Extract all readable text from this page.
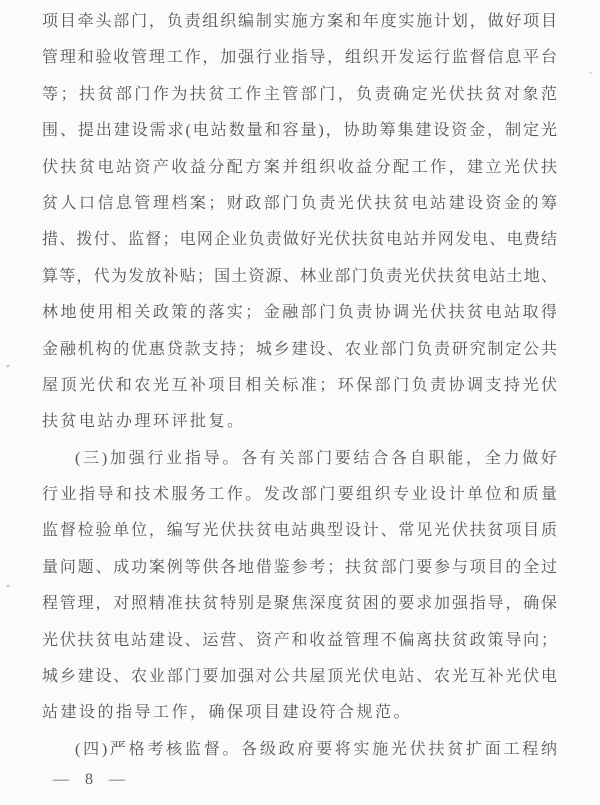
项目牵头部门，负责组织编制实施方案和年度实施计划，做好项目
管理和验收管理工作，加强行业指导，组织开发运行监督信息平台
等；扶贫部门作为扶贫工作主管部门，负责确定光伏扶贫对象范
围、提出建设需求(电站数量和容量)，协助筹集建设资金，制定光
伏扶贫电站资产收益分配方案并组织收益分配工作，建立光伏扶
贫人口信息管理档案；财政部门负责光伏扶贫电站建设资金的筹
措、拨付、监督；电网企业负责做好光伏扶贫电站并网发电、电费结
算等，代为发放补贴；国土资源、林业部门负责光伏扶贫电站土地、
林地使用相关政策的落实；金融部门负责协调光伏扶贫电站取得
金融机构的优惠贷款支持；城乡建设、农业部门负责研究制定公共
屋顶光伏和农光互补项目相关标准；环保部门负责协调支持光伏
扶贫电站办理环评批复。
(三)加强行业指导。各有关部门要结合各自职能，全力做好
行业指导和技术服务工作。发改部门要组织专业设计单位和质量
监督检验单位，编写光伏扶贫电站典型设计、常见光伏扶贫项目质
量问题、成功案例等供各地借鉴参考；扶贫部门要参与项目的全过
程管理，对照精准扶贫特别是聚焦深度贫困的要求加强指导，确保
光伏扶贫电站建设、运营、资产和收益管理不偏离扶贫政策导向；
城乡建设、农业部门要加强对公共屋顶光伏电站、农光互补光伏电
站建设的指导工作，确保项目建设符合规范。
(四)严格考核监督。各级政府要将实施光伏扶贫扩面工程纳
— 8 —
